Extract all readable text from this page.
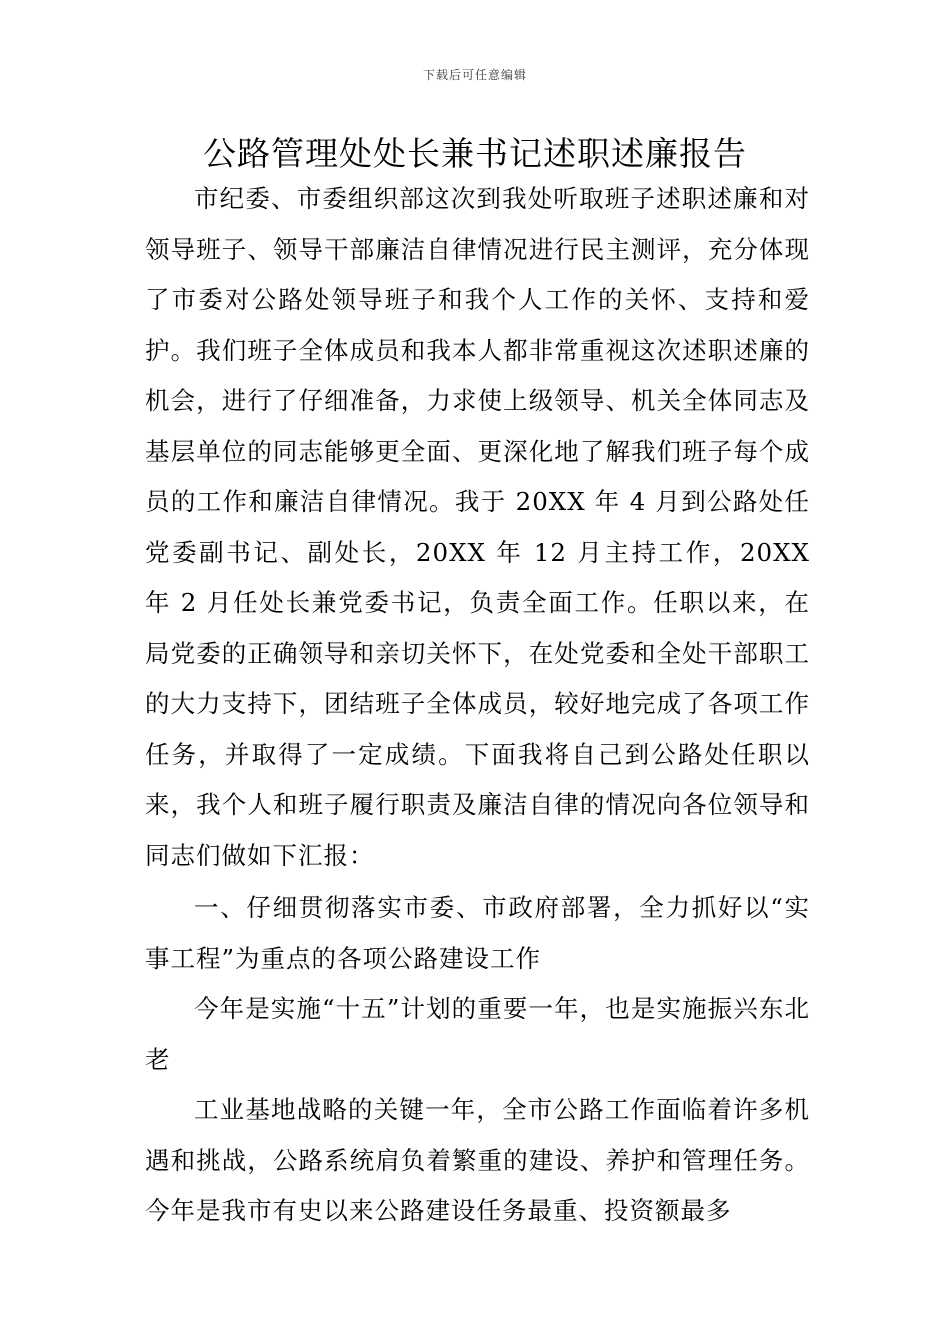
下载后可任意编辑
公路管理处处长兼书记述职述廉报告

市纪委、市委组织部这次到我处听取班子述职述廉和对领导班子、领导干部廉洁自律情况进行民主测评，充分体现了市委对公路处领导班子和我个人工作的关怀、支持和爱护。我们班子全体成员和我本人都非常重视这次述职述廉的机会，进行了仔细准备，力求使上级领导、机关全体同志及基层单位的同志能够更全面、更深化地了解我们班子每个成员的工作和廉洁自律情况。我于 20XX 年 4 月到公路处任党委副书记、副处长，20XX 年 12 月主持工作，20XX 年 2 月任处长兼党委书记，负责全面工作。任职以来，在局党委的正确领导和亲切关怀下，在处党委和全处干部职工的大力支持下，团结班子全体成员，较好地完成了各项工作任务，并取得了一定成绩。下面我将自己到公路处任职以来，我个人和班子履行职责及廉洁自律的情况向各位领导和同志们做如下汇报：

一、仔细贯彻落实市委、市政府部署，全力抓好以“实事工程”为重点的各项公路建设工作

今年是实施“十五”计划的重要一年，也是实施振兴东北老

工业基地战略的关键一年，全市公路工作面临着许多机遇和挑战，公路系统肩负着繁重的建设、养护和管理任务。今年是我市有史以来公路建设任务最重、投资额最多
